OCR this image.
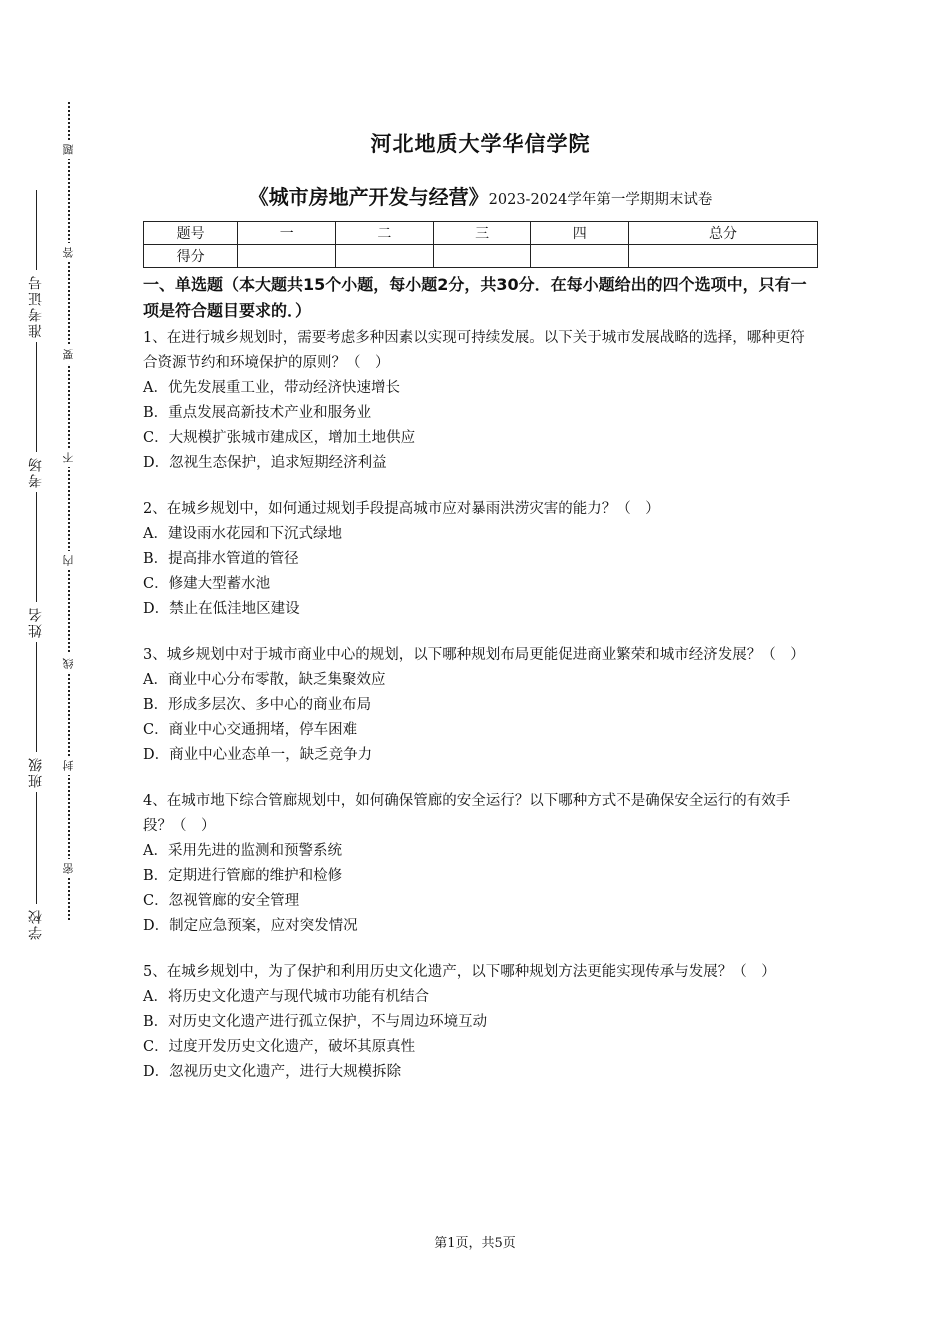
学校
班级
姓名
考场
准考证号
密
封
线
内
不
要
答
题	河北地质大学华信学院

《城市房地产开发与经营》2023-2024学年第一学期期末试卷

题号	一	二	三	四	总分
得分					
一、单选题（本大题共15个小题，每小题2分，共30分．在每小题给出的四个选项中，只有一项是符合题目要求的．）

1、在进行城乡规划时，需要考虑多种因素以实现可持续发展。以下关于城市发展战略的选择，哪种更符合资源节约和环境保护的原则？（　）

A．优先发展重工业，带动经济快速增长

B．重点发展高新技术产业和服务业

C．大规模扩张城市建成区，增加土地供应

D．忽视生态保护，追求短期经济利益

2、在城乡规划中，如何通过规划手段提高城市应对暴雨洪涝灾害的能力？（　）

A．建设雨水花园和下沉式绿地

B．提高排水管道的管径

C．修建大型蓄水池

D．禁止在低洼地区建设

3、城乡规划中对于城市商业中心的规划，以下哪种规划布局更能促进商业繁荣和城市经济发展？（　）

A．商业中心分布零散，缺乏集聚效应

B．形成多层次、多中心的商业布局

C．商业中心交通拥堵，停车困难

D．商业中心业态单一，缺乏竞争力

4、在城市地下综合管廊规划中，如何确保管廊的安全运行？以下哪种方式不是确保安全运行的有效手段？（　）

A．采用先进的监测和预警系统

B．定期进行管廊的维护和检修

C．忽视管廊的安全管理

D．制定应急预案，应对突发情况

5、在城乡规划中，为了保护和利用历史文化遗产，以下哪种规划方法更能实现传承与发展？（　）

A．将历史文化遗产与现代城市功能有机结合

B．对历史文化遗产进行孤立保护，不与周边环境互动

C．过度开发历史文化遗产，破坏其原真性

D．忽视历史文化遗产，进行大规模拆除

第1页，共5页
